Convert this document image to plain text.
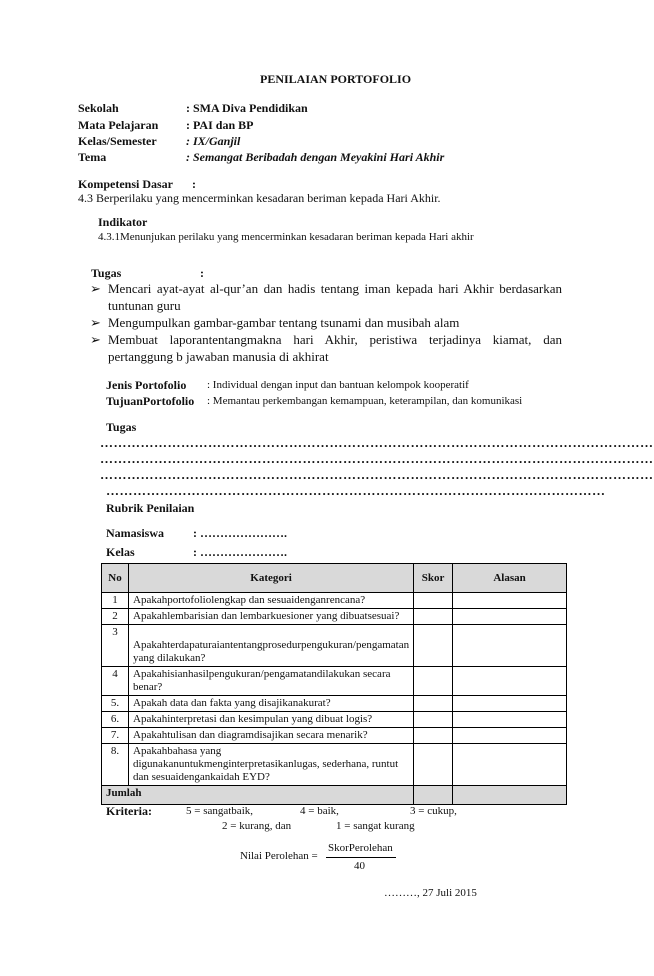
PENILAIAN PORTOFOLIO
Sekolah	: SMA Diva Pendidikan
Mata Pelajaran : PAI dan BP
Kelas/Semester : IX/Ganjil
Tema	: Semangat Beribadah dengan Meyakini Hari Akhir
Kompetensi Dasar :
4.3 Berperilaku yang mencerminkan kesadaran beriman kepada Hari Akhir.
Indikator
4.3.1Menunjukan perilaku yang mencerminkan kesadaran beriman kepada Hari akhir
Tugas	:
➢ Mencari ayat-ayat al-qur’an dan hadis tentang iman kepada hari Akhir berdasarkan tuntunan guru
➢ Mengumpulkan gambar-gambar tentang tsunami dan musibah alam
➢ Membuat laporantentangmakna hari Akhir, peristiwa terjadinya kiamat, dan pertanggung b jawaban manusia di akhirat
Jenis Portofolio : Individual dengan input dan bantuan kelompok kooperatif
TujuanPortofolio : Memantau perkembangan kemampuan, keterampilan, dan komunikasi
Tugas
……………………………………………………………………………………………………………
……………………………………………………………………………………………………………
……………………………………………………………………………………………………………
…………………………………………………………………………………………………
Rubrik Penilaian
Namasiswa : ………………….
Kelas	: ………………….
No	Kategori	Skor	Alasan
1	Apakahportofoliolengkap dan sesuaidenganrencana?		
2	Apakahlembarisian dan lembarkuesioner yang dibuatsesuai?		
3	Apakahterdapaturaiantentangprosedurpengukuran/pengamatan yang dilakukan?		
4	Apakahisianhasilpengukuran/pengamatandilakukan secara benar?		
5.	Apakah data dan fakta yang disajikanakurat?		
6.	Apakahinterpretasi dan kesimpulan yang dibuat logis?		
7.	Apakahtulisan dan diagramdisajikan secara menarik?		
8.	Apakahbahasa yang digunakanuntukmenginterpretasikanlugas, sederhana, runtut dan sesuaidengankaidah EYD?		
Jumlah			
Kriteria:	5 = sangatbaik,	4 = baik,	3 = cukup,
2 = kurang, dan	1 = sangat kurang
Nilai Perolehan =
SkorPerolehan
40
………, 27 Juli 2015
